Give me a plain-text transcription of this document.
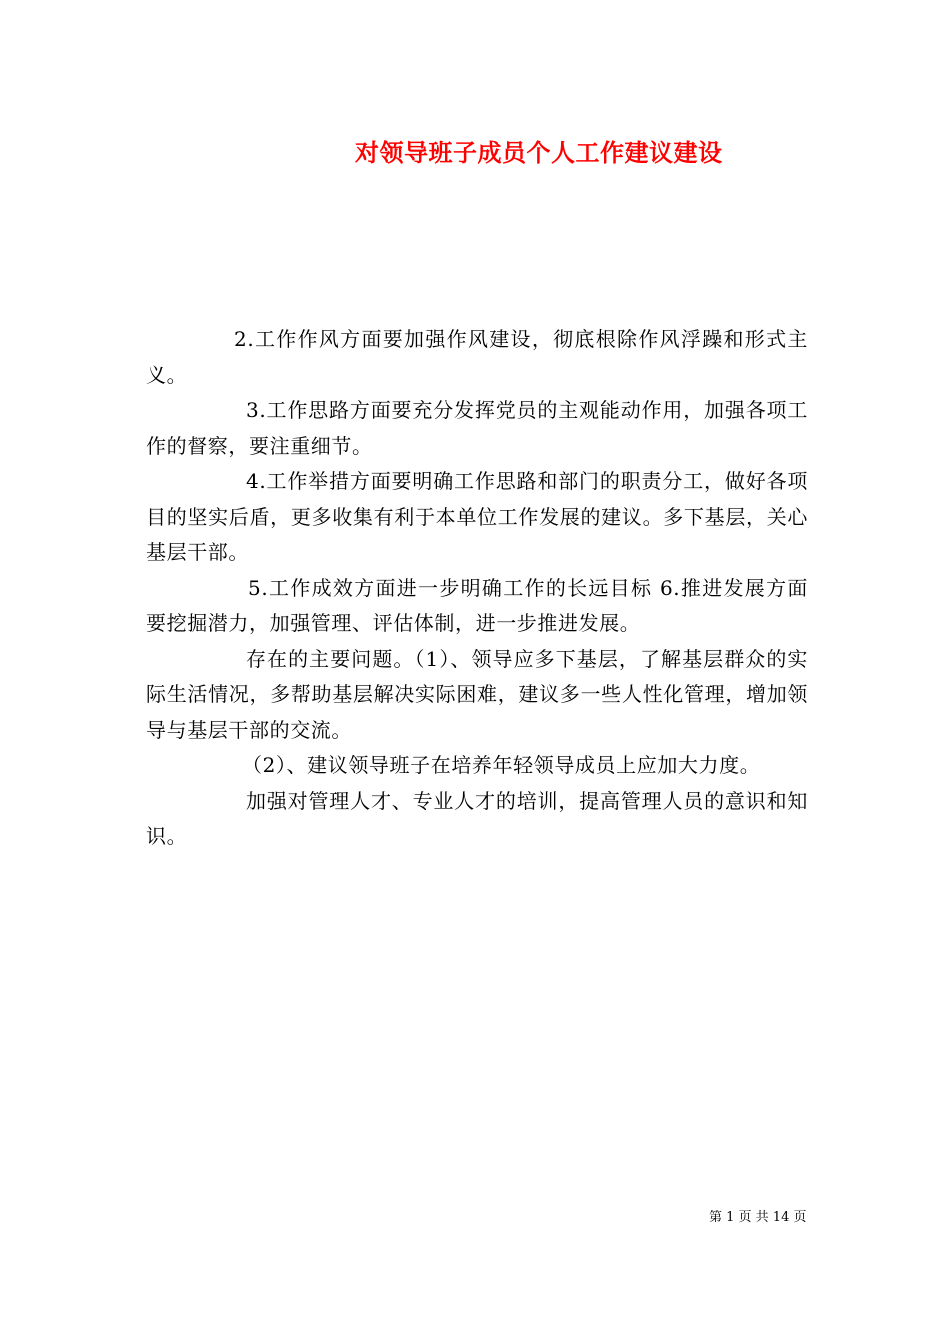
对领导班子成员个人工作建议建设

2.工作作风方面要加强作风建设，彻底根除作风浮躁和形式主义。

3.工作思路方面要充分发挥党员的主观能动作用，加强各项工作的督察，要注重细节。

4.工作举措方面要明确工作思路和部门的职责分工，做好各项目的坚实后盾，更多收集有利于本单位工作发展的建议。多下基层，关心基层干部。

5.工作成效方面进一步明确工作的长远目标 6.推进发展方面要挖掘潜力，加强管理、评估体制，进一步推进发展。

存在的主要问题。（1）、领导应多下基层，了解基层群众的实际生活情况，多帮助基层解决实际困难，建议多一些人性化管理，增加领导与基层干部的交流。

（2）、建议领导班子在培养年轻领导成员上应加大力度。

加强对管理人才、专业人才的培训，提高管理人员的意识和知识。

第 1 页 共 14 页
